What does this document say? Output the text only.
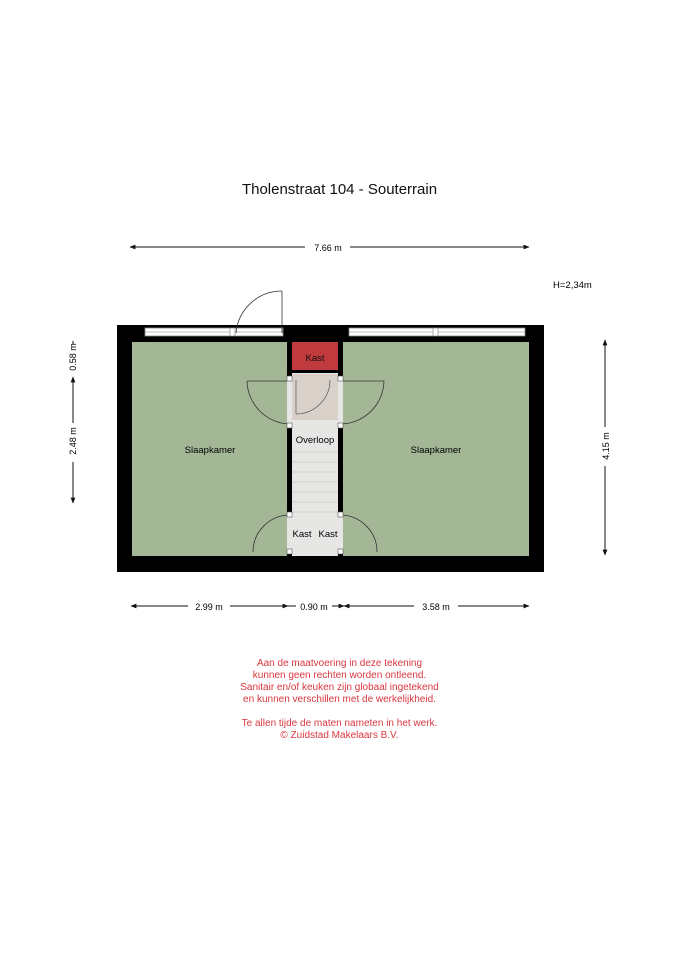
Tholenstraat 104 - Souterrain
7.66 m
H=2,34m
0.58 m
2.48 m	4.15 m
2.99 m	0.90 m	3.58 m
Slaapkamer	Slaapkamer
Overloop
Kast
Kast Kast
Aan de maatvoering in deze tekening
kunnen geen rechten worden ontleend.
Sanitair en/of keuken zijn globaal ingetekend
en kunnen verschillen met de werkelijkheid.
Te allen tijde de maten nameten in het werk.
© Zuidstad Makelaars B.V.
